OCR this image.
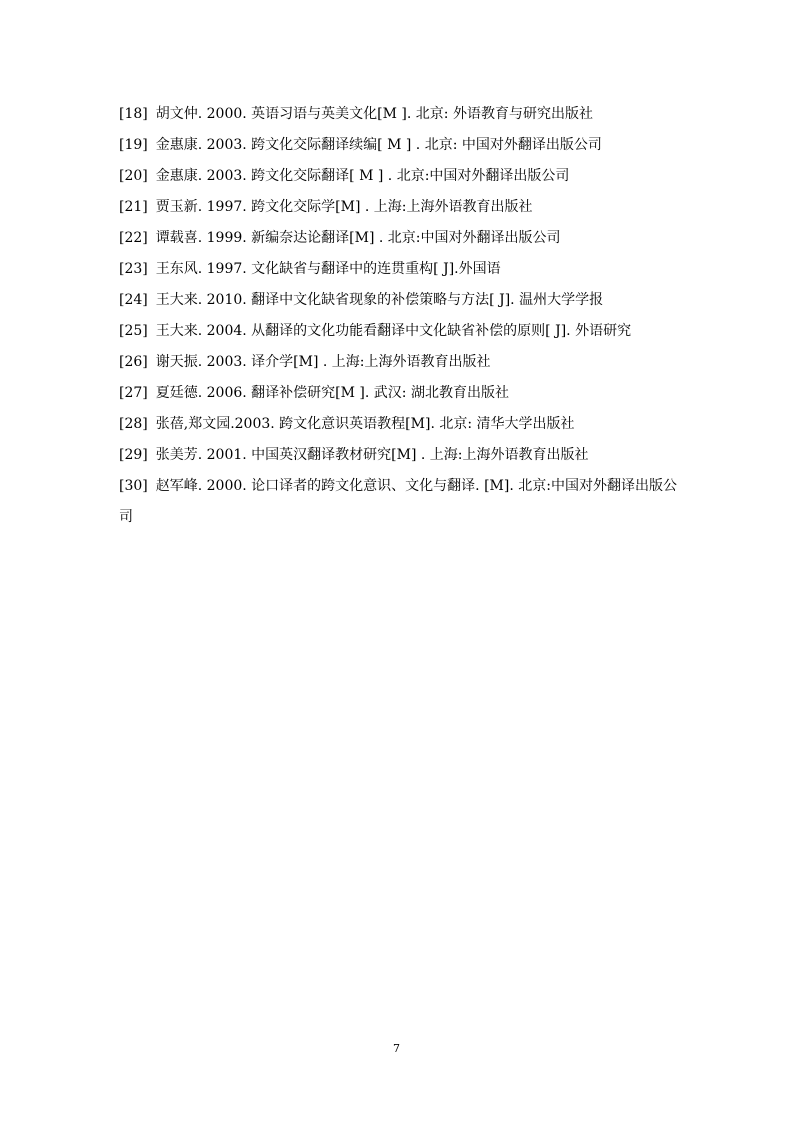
[18] 胡文仲. 2000. 英语习语与英美文化[M ]. 北京: 外语教育与研究出版社
[19] 金惠康. 2003. 跨文化交际翻译续编[ M ] . 北京: 中国对外翻译出版公司
[20] 金惠康. 2003. 跨文化交际翻译[ M ] . 北京:中国对外翻译出版公司
[21] 贾玉新. 1997. 跨文化交际学[M] . 上海:上海外语教育出版社
[22] 谭载喜. 1999. 新编奈达论翻译[M] . 北京:中国对外翻译出版公司
[23] 王东风. 1997. 文化缺省与翻译中的连贯重构[ J].外国语
[24] 王大来. 2010. 翻译中文化缺省现象的补偿策略与方法[ J]. 温州大学学报
[25] 王大来. 2004. 从翻译的文化功能看翻译中文化缺省补偿的原则[ J]. 外语研究
[26] 谢天振. 2003. 译介学[M] . 上海:上海外语教育出版社
[27] 夏廷德. 2006. 翻译补偿研究[M ]. 武汉: 湖北教育出版社
[28] 张蓓,郑文园.2003. 跨文化意识英语教程[M]. 北京: 清华大学出版社
[29] 张美芳. 2001. 中国英汉翻译教材研究[M] . 上海:上海外语教育出版社
[30] 赵军峰. 2000. 论口译者的跨文化意识、文化与翻译. [M]. 北京:中国对外翻译出版公司
7
